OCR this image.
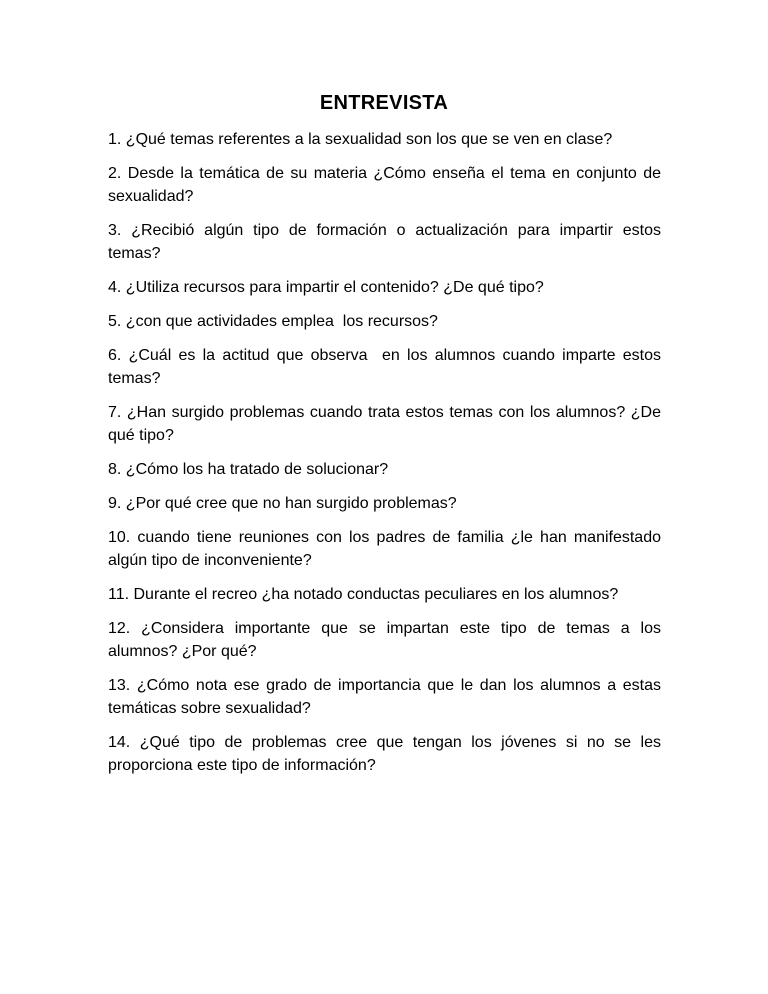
ENTREVISTA
1. ¿Qué temas referentes a la sexualidad son los que se ven en clase?
2. Desde la temática de su materia ¿Cómo enseña el tema en conjunto de sexualidad?
3. ¿Recibió algún tipo de formación o actualización para impartir estos temas?
4. ¿Utiliza recursos para impartir el contenido? ¿De qué tipo?
5. ¿con que actividades emplea  los recursos?
6. ¿Cuál es la actitud que observa  en los alumnos cuando imparte estos temas?
7. ¿Han surgido problemas cuando trata estos temas con los alumnos? ¿De qué tipo?
8. ¿Cómo los ha tratado de solucionar?
9. ¿Por qué cree que no han surgido problemas?
10. cuando tiene reuniones con los padres de familia ¿le han manifestado algún tipo de inconveniente?
11. Durante el recreo ¿ha notado conductas peculiares en los alumnos?
12. ¿Considera importante que se impartan este tipo de temas a los alumnos? ¿Por qué?
13. ¿Cómo nota ese grado de importancia que le dan los alumnos a estas temáticas sobre sexualidad?
14. ¿Qué tipo de problemas cree que tengan los jóvenes si no se les proporciona este tipo de información?
